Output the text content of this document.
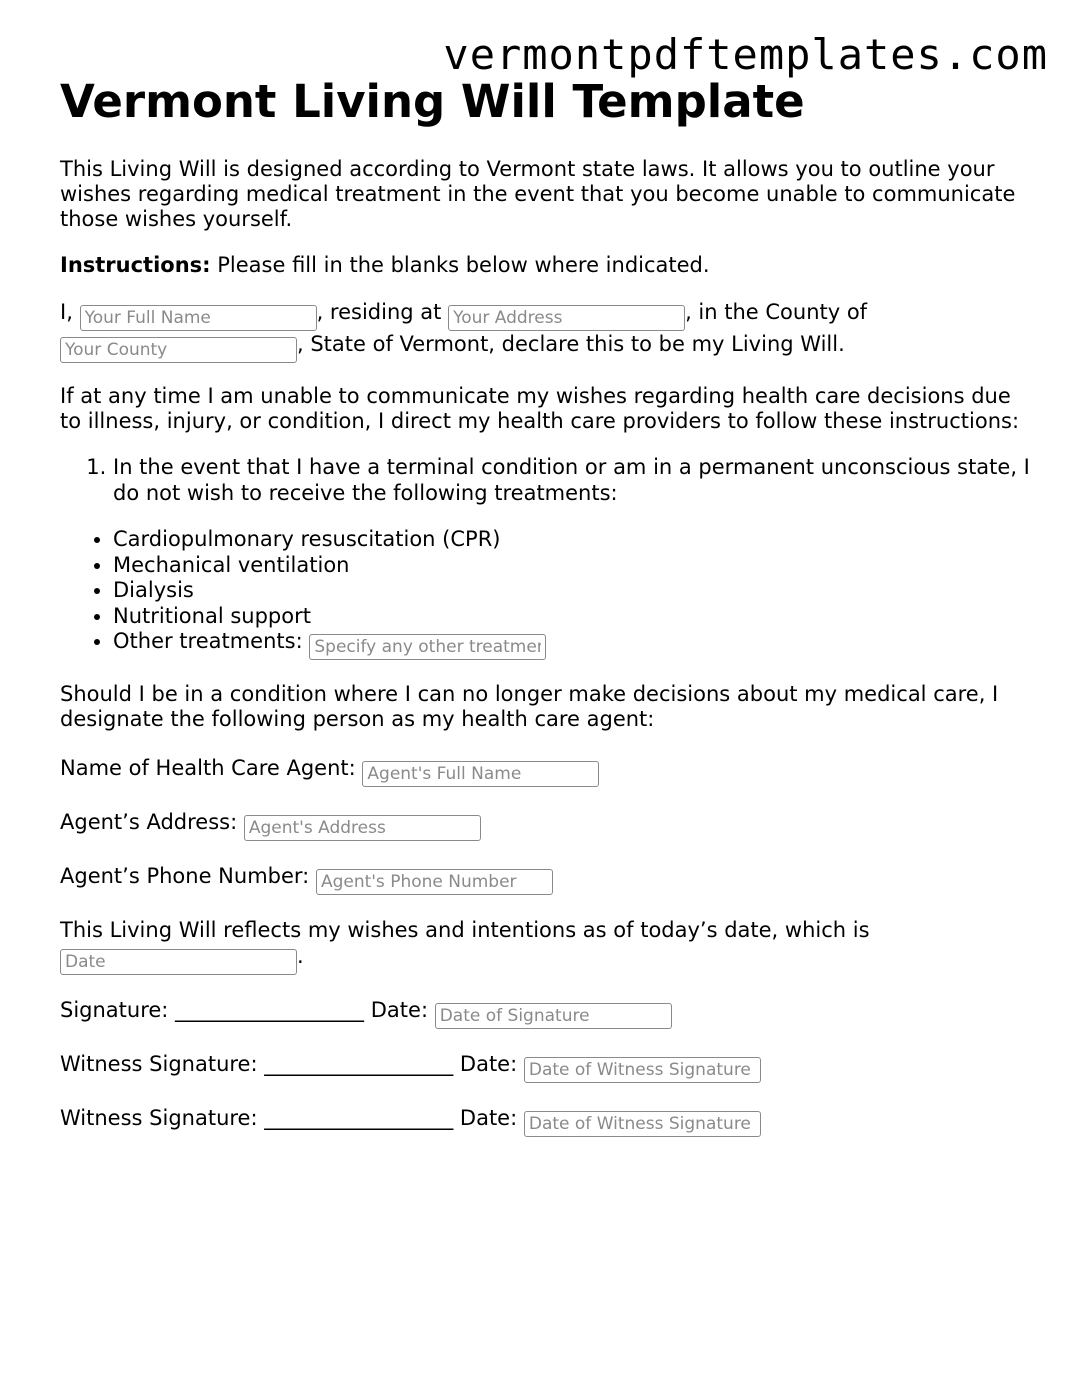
vermontpdftemplates.com
Vermont Living Will Template

This Living Will is designed according to Vermont state laws. It allows you to outline your wishes regarding medical treatment in the event that you become unable to communicate those wishes yourself.

Instructions: Please fill in the blanks below where indicated.

I, Your Full Name	, residing at Your Address	, in the County of
Your County, State of Vermont, declare this to be my Living Will.

If at any time I am unable to communicate my wishes regarding health care decisions due to illness, injury, or condition, I direct my health care providers to follow these instructions:

1. In the event that I have a terminal condition or am in a permanent unconscious state, I do not wish to receive the following treatments:
• Cardiopulmonary resuscitation (CPR)
• Mechanical ventilation
• Dialysis
• Nutritional support
• Other treatments: Specify any other treatments

Should I be in a condition where I can no longer make decisions about my medical care, I designate the following person as my health care agent:

Name of Health Care Agent: Agent's Full Name

Agent’s Address: Agent's Address

Agent’s Phone Number: Agent's Phone Number

This Living Will reflects my wishes and intentions as of today’s date, which is
Date.

Signature: __________________ Date: Date of Signature

Witness Signature: __________________ Date: Date of Witness Signature

Witness Signature: __________________ Date: Date of Witness Signature
